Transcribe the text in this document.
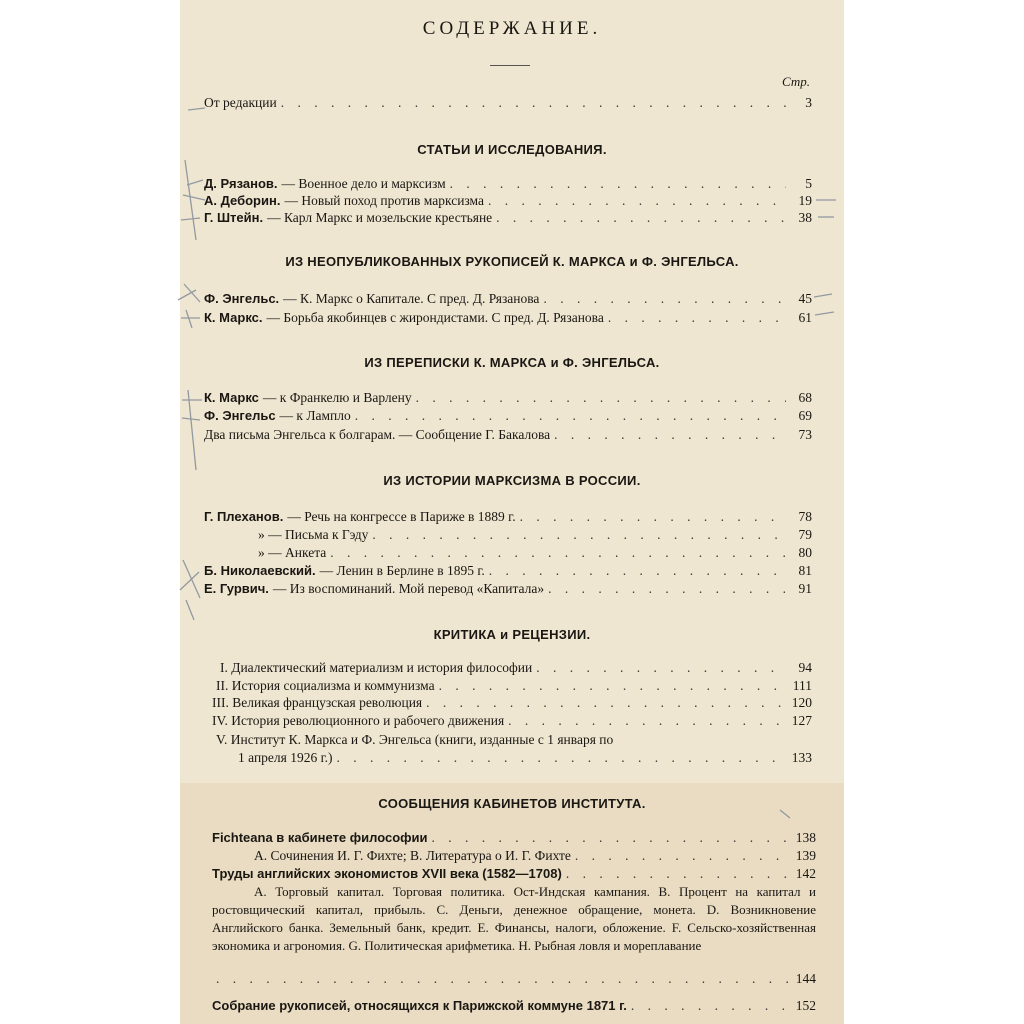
СОДЕРЖАНИЕ.
Стр.
От редакции . . .	3
СТАТЬИ И ИССЛЕДОВАНИЯ.
Д. Рязанов. — Военное дело и марксизм . . .	5
А. Деборин. — Новый поход против марксизма . . .	19
Г. Штейн. — Карл Маркс и мозельские крестьяне . . .	38
ИЗ НЕОПУБЛИКОВАННЫХ РУКОПИСЕЙ К. МАРКСА и Ф. ЭНГЕЛЬСА.
Ф. Энгельс. — К. Маркс о Капитале. С пред. Д. Рязанова . . .	45
К. Маркс. — Борьба якобинцев с жирондистами. С пред. Д. Рязанова . . .	61
ИЗ ПЕРЕПИСКИ К. МАРКСА и Ф. ЭНГЕЛЬСА.
К. Маркс — к Франкелю и Варлену . . .	68
Ф. Энгельс — к Лампло . . .	69
Два письма Энгельса к болгарам. — Сообщение Г. Бакалова . . .	73
ИЗ ИСТОРИИ МАРКСИЗМА В РОССИИ.
Г. Плеханов. — Речь на конгрессе в Париже в 1889 г. . . .	78
» — Письма к Гэду . . .	79
» — Анкета . . .	80
Б. Николаевский. — Ленин в Берлине в 1895 г. . . .	81
Е. Гурвич. — Из воспоминаний. Мой перевод «Капитала» . . .	91
КРИТИКА и РЕЦЕНЗИИ.
I. Диалектический материализм и история философии . . .	94
II. История социализма и коммунизма . . .	111
III. Великая французская революция . . .	120
IV. История революционного и рабочего движения . . .	127
V. Институт К. Маркса и Ф. Энгельса (книги, изданные с 1 января по
1 апреля 1926 г.) . . .	133
СООБЩЕНИЯ КАБИНЕТОВ ИНСТИТУТА.
Fichteana в кабинете философии . . .	138
А. Сочинения И. Г. Фихте; В. Литература о И. Г. Фихте . . .	139
Труды английских экономистов XVII века (1582—1708) . . .	142
А. Торговый капитал. Торговая политика. Ост-Индская кампания. В. Процент на капитал и ростовщический капитал, прибыль. С. Деньги, денежное обращение, монета. D. Возникновение Английского банка. Земельный банк, кредит. Е. Финансы, налоги, обложение. F. Сельско-хозяйственная экономика и агрономия. G. Политическая арифметика. Н. Рыбная ловля и мореплавание
. . .
144
Собрание рукописей, относящихся к Парижской коммуне 1871 г. . . .	152
